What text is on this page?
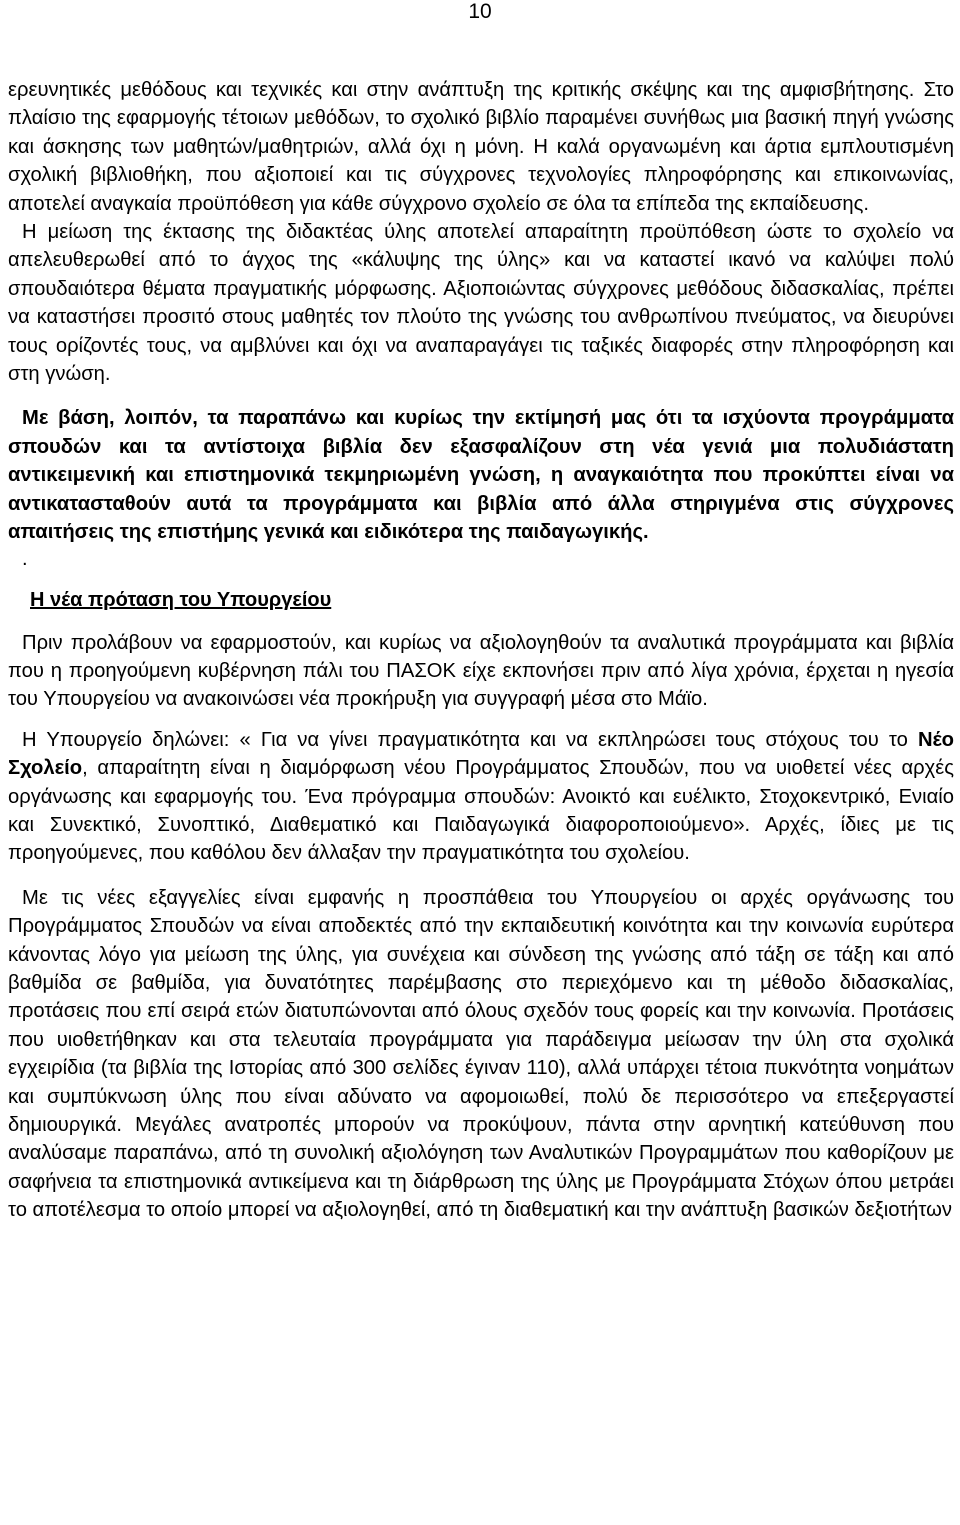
10

ερευνητικές μεθόδους και τεχνικές και στην ανάπτυξη της κριτικής σκέψης και της αμφισβήτησης. Στο πλαίσιο της εφαρμογής τέτοιων μεθόδων, το σχολικό βιβλίο παραμένει συνήθως μια βασική πηγή γνώσης και άσκησης των μαθητών/μαθητριών, αλλά όχι η μόνη. Η καλά οργανωμένη και άρτια εμπλουτισμένη σχολική βιβλιοθήκη, που αξιοποιεί και τις σύγχρονες τεχνολογίες πληροφόρησης και επικοινωνίας, αποτελεί αναγκαία προϋπόθεση για κάθε σύγχρονο σχολείο σε όλα τα επίπεδα της εκπαίδευσης.

Η μείωση της έκτασης της διδακτέας ύλης αποτελεί απαραίτητη προϋπόθεση ώστε το σχολείο να απελευθερωθεί από το άγχος της «κάλυψης της ύλης» και να καταστεί ικανό να καλύψει πολύ σπουδαιότερα θέματα πραγματικής μόρφωσης. Αξιοποιώντας σύγχρονες μεθόδους διδασκαλίας, πρέπει να καταστήσει προσιτό στους μαθητές τον πλούτο της γνώσης του ανθρωπίνου πνεύματος, να διευρύνει τους ορίζοντές τους, να αμβλύνει και όχι να αναπαραγάγει τις ταξικές διαφορές στην πληροφόρηση και στη γνώση.

Με βάση, λοιπόν, τα παραπάνω και κυρίως την εκτίμησή μας ότι τα ισχύοντα προγράμματα σπουδών και τα αντίστοιχα βιβλία δεν εξασφαλίζουν στη νέα γενιά μια πολυδιάστατη αντικειμενική και επιστημονικά τεκμηριωμένη γνώση, η αναγκαιότητα που προκύπτει είναι να αντικατασταθούν αυτά τα προγράμματα και βιβλία από άλλα στηριγμένα στις σύγχρονες απαιτήσεις της επιστήμης γενικά και ειδικότερα της παιδαγωγικής.

.
Η νέα πρόταση του Υπουργείου

Πριν προλάβουν να εφαρμοστούν, και κυρίως να αξιολογηθούν τα αναλυτικά προγράμματα και βιβλία που η προηγούμενη κυβέρνηση πάλι του ΠΑΣΟΚ είχε εκπονήσει πριν από λίγα χρόνια, έρχεται η ηγεσία του Υπουργείου να ανακοινώσει νέα προκήρυξη για συγγραφή μέσα στο Μάϊο.

Η Υπουργείο δηλώνει: « Για να γίνει πραγματικότητα και να εκπληρώσει τους στόχους του το Νέο Σχολείο, απαραίτητη είναι η διαμόρφωση νέου Προγράμματος Σπουδών, που να υιοθετεί νέες αρχές οργάνωσης και εφαρμογής του. Ένα πρόγραμμα σπουδών: Ανοικτό και ευέλικτο, Στοχοκεντρικό, Ενιαίο και Συνεκτικό, Συνοπτικό, Διαθεματικό και Παιδαγωγικά διαφοροποιούμενο». Αρχές, ίδιες με τις προηγούμενες, που καθόλου δεν άλλαξαν την πραγματικότητα του σχολείου.

Με τις νέες εξαγγελίες είναι εμφανής η προσπάθεια του Υπουργείου οι αρχές οργάνωσης του Προγράμματος Σπουδών να είναι αποδεκτές από την εκπαιδευτική κοινότητα και την κοινωνία ευρύτερα κάνοντας λόγο για μείωση της ύλης, για συνέχεια και σύνδεση της γνώσης από τάξη σε τάξη και από βαθμίδα σε βαθμίδα, για δυνατότητες παρέμβασης στο περιεχόμενο και τη μέθοδο διδασκαλίας, προτάσεις που επί σειρά ετών διατυπώνονται από όλους σχεδόν τους φορείς και την κοινωνία. Προτάσεις που υιοθετήθηκαν και στα τελευταία προγράμματα για παράδειγμα μείωσαν την ύλη στα σχολικά εγχειρίδια (τα βιβλία της Ιστορίας από 300 σελίδες έγιναν 110), αλλά υπάρχει τέτοια πυκνότητα νοημάτων και συμπύκνωση ύλης που είναι αδύνατο να αφομοιωθεί, πολύ δε περισσότερο να επεξεργαστεί δημιουργικά. Μεγάλες ανατροπές μπορούν να προκύψουν, πάντα στην αρνητική κατεύθυνση που αναλύσαμε παραπάνω, από τη συνολική αξιολόγηση των Αναλυτικών Προγραμμάτων που καθορίζουν με σαφήνεια τα επιστημονικά αντικείμενα και τη διάρθρωση της ύλης με Προγράμματα Στόχων όπου μετράει το αποτέλεσμα το οποίο μπορεί να αξιολογηθεί, από τη διαθεματική και την ανάπτυξη βασικών δεξιοτήτων
